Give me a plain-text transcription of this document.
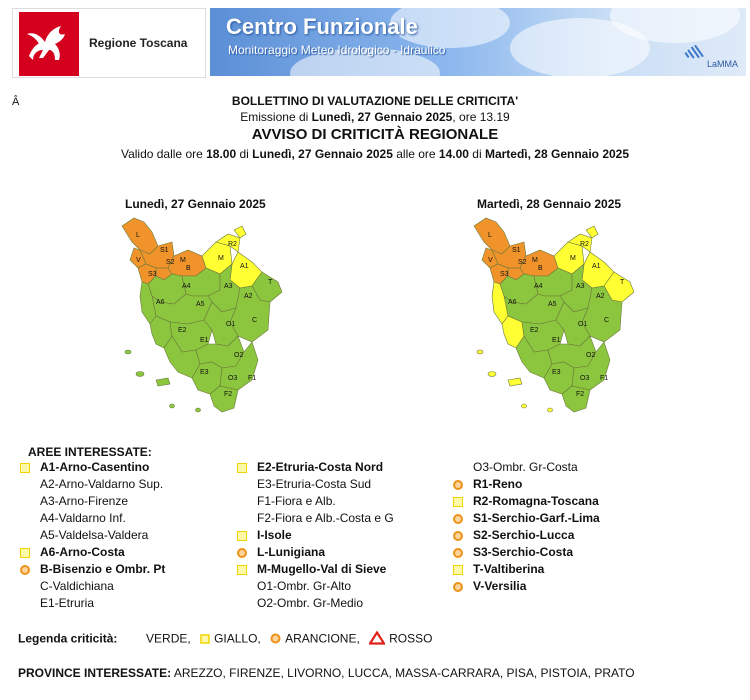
Regione Toscana
Centro Funzionale
Monitoraggio Meteo Idrologico - Idraulico
LaMMA
Â	BOLLETTINO DI VALUTAZIONE DELLE CRITICITA'
Emissione di Lunedì, 27 Gennaio 2025, ore 13.19
AVVISO DI CRITICITÀ REGIONALE
Valido dalle ore 18.00 di Lunedì, 27 Gennaio 2025 alle ore 14.00 di Martedì, 28 Gennaio 2025
Lunedì, 27 Gennaio 2025	Martedì, 28 Gennaio 2025
L
S1
V	S2
S3
M
B
R2
M
A1
T
A3
A4
A2
A5
A6
C
E2
E1
O1
O2
E3
O3 F1
F2
L
S1
V	S2
S3
M
B
R2
M
A1
T
A3
A4
A2
A5
A6
C
E2
E1
O1
O2
E3
O3 F1
F2
AREE INTERESSATE:
A1-Arno-Casentino
A2-Arno-Valdarno Sup.
A3-Arno-Firenze
A4-Valdarno Inf.
A5-Valdelsa-Valdera
A6-Arno-Costa
B-Bisenzio e Ombr. Pt
C-Valdichiana
E1-Etruria
E2-Etruria-Costa Nord
E3-Etruria-Costa Sud
F1-Fiora e Alb.
F2-Fiora e Alb.-Costa e G
I-Isole
L-Lunigiana
M-Mugello-Val di Sieve
O1-Ombr. Gr-Alto
O2-Ombr. Gr-Medio
O3-Ombr. Gr-Costa
R1-Reno
R2-Romagna-Toscana
S1-Serchio-Garf.-Lima
S2-Serchio-Lucca
S3-Serchio-Costa
T-Valtiberina
V-Versilia
Legenda criticità: VERDE, GIALLO, ARANCIONE, ROSSO
PROVINCE INTERESSATE: AREZZO, FIRENZE, LIVORNO, LUCCA, MASSA-CARRARA, PISA, PISTOIA, PRATO
